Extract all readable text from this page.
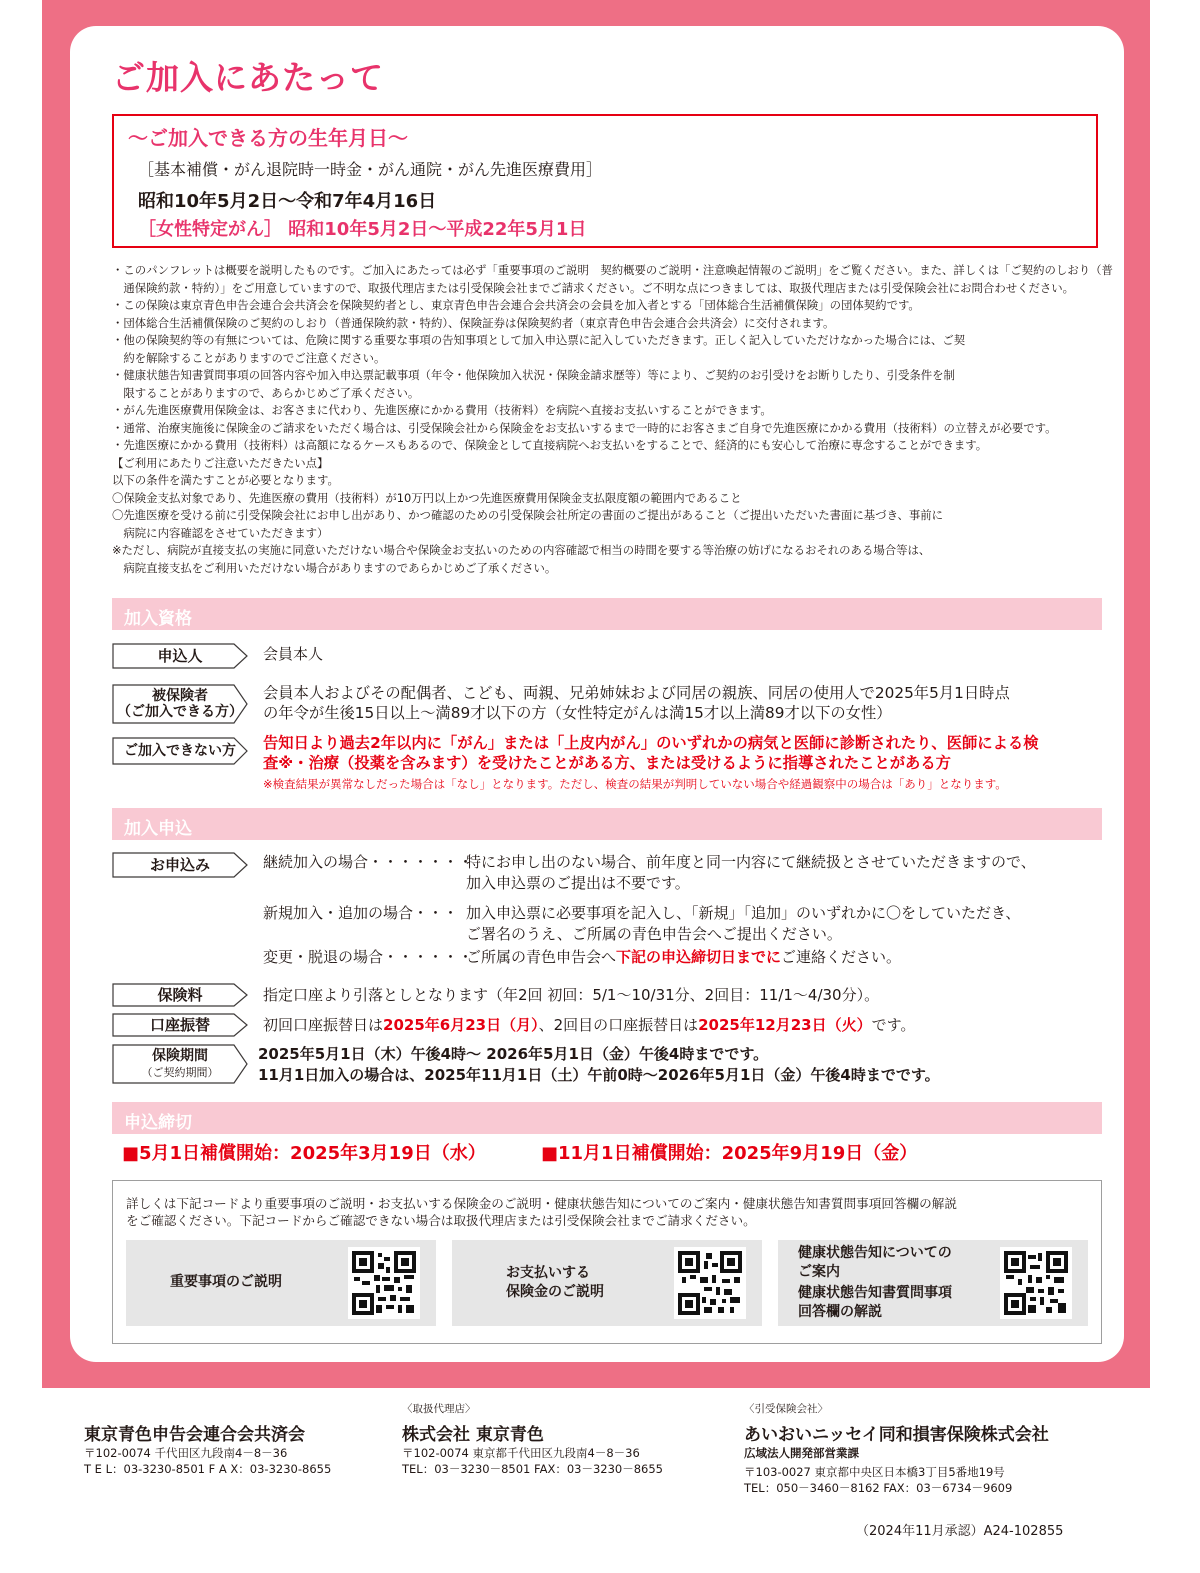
ご加入にあたって
～ご加入できる方の生年月日～
［基本補償・がん退院時一時金・がん通院・がん先進医療費用］
昭和10年5月2日～令和7年4月16日
［女性特定がん］ 昭和10年5月2日～平成22年5月1日
・このパンフレットは概要を説明したものです。ご加入にあたっては必ず「重要事項のご説明　契約概要のご説明・注意喚起情報のご説明」をご覧ください。また、詳しくは「ご契約のしおり（普
　通保険約款・特約）」をご用意していますので、取扱代理店または引受保険会社までご請求ください。ご不明な点につきましては、取扱代理店または引受保険会社にお問合わせください。
・この保険は東京青色申告会連合会共済会を保険契約者とし、東京青色申告会連合会共済会の会員を加入者とする「団体総合生活補償保険」の団体契約です。
・団体総合生活補償保険のご契約のしおり（普通保険約款・特約）、保険証券は保険契約者（東京青色申告会連合会共済会）に交付されます。
・他の保険契約等の有無については、危険に関する重要な事項の告知事項として加入申込票に記入していただきます。正しく記入していただけなかった場合には、ご契
　約を解除することがありますのでご注意ください。
・健康状態告知書質問事項の回答内容や加入申込票記載事項（年令・他保険加入状況・保険金請求歴等）等により、ご契約のお引受けをお断りしたり、引受条件を制
　限することがありますので、あらかじめご了承ください。
・がん先進医療費用保険金は、お客さまに代わり、先進医療にかかる費用（技術料）を病院へ直接お支払いすることができます。
・通常、治療実施後に保険金のご請求をいただく場合は、引受保険会社から保険金をお支払いするまで一時的にお客さまご自身で先進医療にかかる費用（技術料）の立替えが必要です。
・先進医療にかかる費用（技術料）は高額になるケースもあるので、保険金として直接病院へお支払いをすることで、経済的にも安心して治療に専念することができます。
【ご利用にあたりご注意いただきたい点】
以下の条件を満たすことが必要となります。
〇保険金支払対象であり、先進医療の費用（技術料）が10万円以上かつ先進医療費用保険金支払限度額の範囲内であること
〇先進医療を受ける前に引受保険会社にお申し出があり、かつ確認のための引受保険会社所定の書面のご提出があること（ご提出いただいた書面に基づき、事前に
　病院に内容確認をさせていただきます）
※ただし、病院が直接支払の実施に同意いただけない場合や保険金お支払いのための内容確認で相当の時間を要する等治療の妨げになるおそれのある場合等は、
　病院直接支払をご利用いただけない場合がありますのであらかじめご了承ください。
加入資格
申込人	会員本人
被保険者
（ご加入できる方）
会員本人およびその配偶者、こども、両親、兄弟姉妹および同居の親族、同居の使用人で2025年5月1日時点
の年令が生後15日以上～満89才以下の方（女性特定がんは満15才以上満89才以下の女性）
ご加入できない方 告知日より過去2年以内に「がん」または「上皮内がん」のいずれかの病気と医師に診断されたり、医師による検
査※・治療（投薬を含みます）を受けたことがある方、または受けるように指導されたことがある方
※検査結果が異常なしだった場合は「なし」となります。ただし、検査の結果が判明していない場合や経過観察中の場合は「あり」となります。
加入申込
お申込み	継続加入の場合・・・・・・・
特にお申し出のない場合、前年度と同一内容にて継続扱とさせていただきますので、
加入申込票のご提出は不要です。
新規加入・追加の場合・・・ 加入申込票に必要事項を記入し、「新規」「追加」のいずれかに〇をしていただき、
ご署名のうえ、ご所属の青色申告会へご提出ください。
変更・脱退の場合・・・・・・
ご所属の青色申告会へ下記の申込締切日までにご連絡ください。
保険料	指定口座より引落としとなります（年2回 初回：5/1～10/31分、2回目：11/1～4/30分）。
口座振替	初回口座振替日は2025年6月23日（月）、2回目の口座振替日は2025年12月23日（火）です。
保険期間
（ご契約期間）
2025年5月1日（木）午後4時～ 2026年5月1日（金）午後4時までです。
11月1日加入の場合は、2025年11月1日（土）午前0時～2026年5月1日（金）午後4時までです。
申込締切
■5月1日補償開始：2025年3月19日（水）	■11月1日補償開始：2025年9月19日（金）
詳しくは下記コードより重要事項のご説明・お支払いする保険金のご説明・健康状態告知についてのご案内・健康状態告知書質問事項回答欄の解説
をご確認ください。下記コードからご確認できない場合は取扱代理店または引受保険会社までご請求ください。
重要事項のご説明
お支払いする
保険金のご説明
健康状態告知についての
ご案内
健康状態告知書質問事項
回答欄の解説
東京青色申告会連合会共済会
〒102-0074 千代田区九段南4－8－36
T E L：03-3230-8501 F A X：03-3230-8655
〈取扱代理店〉
株式会社 東京青色
〒102-0074 東京都千代田区九段南4－8－36
TEL：03－3230－8501 FAX：03－3230－8655
〈引受保険会社〉
あいおいニッセイ同和損害保険株式会社
広域法人開発部営業課
〒103-0027 東京都中央区日本橋3丁目5番地19号
TEL：050－3460－8162 FAX：03－6734－9609
（2024年11月承認）A24-102855
